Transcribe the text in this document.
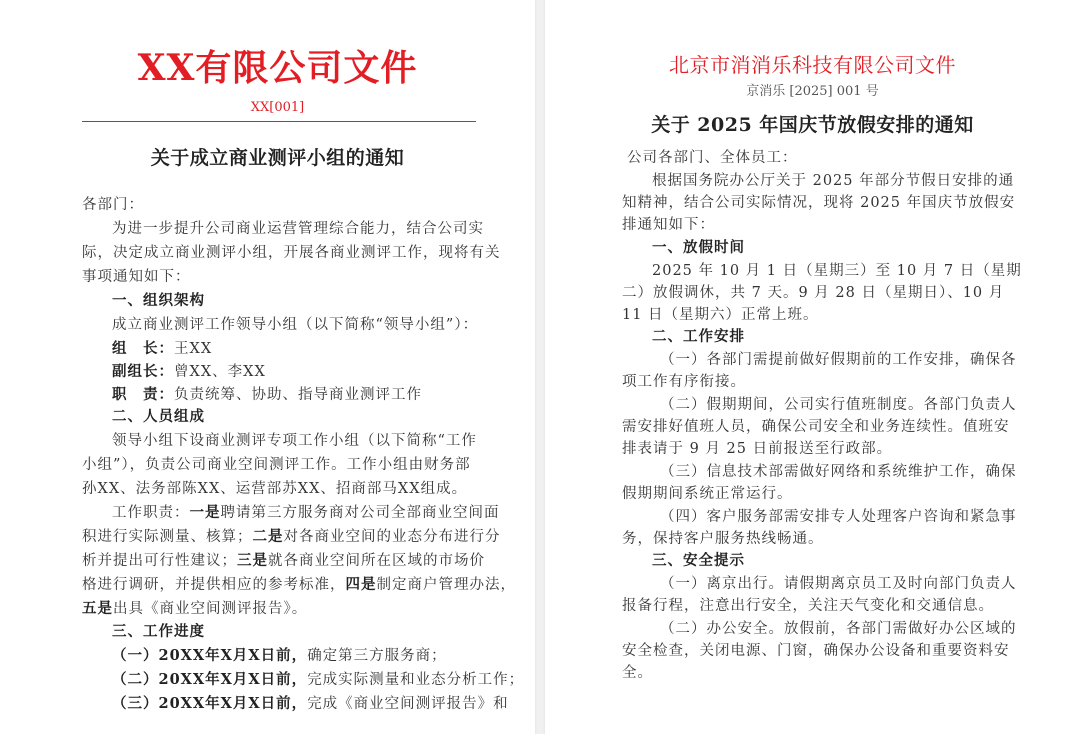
XX有限公司文件
XX[001]
关于成立商业测评小组的通知
各部门：
为进一步提升公司商业运营管理综合能力，结合公司实
际，决定成立商业测评小组，开展各商业测评工作，现将有关
事项通知如下：
一、组织架构
成立商业测评工作领导小组（以下简称“领导小组”）：
组　长：王XX
副组长：曾XX、李XX
职　责：负责统筹、协助、指导商业测评工作
二、人员组成
领导小组下设商业测评专项工作小组（以下简称“工作
小组”），负责公司商业空间测评工作。工作小组由财务部
孙XX、法务部陈XX、运营部苏XX、招商部马XX组成。
工作职责：一是聘请第三方服务商对公司全部商业空间面
积进行实际测量、核算；二是对各商业空间的业态分布进行分
析并提出可行性建议；三是就各商业空间所在区域的市场价
格进行调研，并提供相应的参考标准，四是制定商户管理办法，
五是出具《商业空间测评报告》。
三、工作进度
（一）20XX年X月X日前，确定第三方服务商；
（二）20XX年X月X日前，完成实际测量和业态分析工作；
（三）20XX年X月X日前，完成《商业空间测评报告》和
北京市消消乐科技有限公司文件
京消乐 [2025] 001 号
关于 2025 年国庆节放假安排的通知
公司各部门、全体员工：
根据国务院办公厅关于 2025 年部分节假日安排的通
知精神，结合公司实际情况，现将 2025 年国庆节放假安
排通知如下：
一、放假时间
2025 年 10 月 1 日（星期三）至 10 月 7 日（星期
二）放假调休，共 7 天。9 月 28 日（星期日）、10 月
11 日（星期六）正常上班。
二、工作安排
（一）各部门需提前做好假期前的工作安排，确保各
项工作有序衔接。
（二）假期期间，公司实行值班制度。各部门负责人
需安排好值班人员，确保公司安全和业务连续性。值班安
排表请于 9 月 25 日前报送至行政部。
（三）信息技术部需做好网络和系统维护工作，确保
假期期间系统正常运行。
（四）客户服务部需安排专人处理客户咨询和紧急事
务，保持客户服务热线畅通。
三、安全提示
（一）离京出行。请假期离京员工及时向部门负责人
报备行程，注意出行安全，关注天气变化和交通信息。
（二）办公安全。放假前，各部门需做好办公区域的
安全检查，关闭电源、门窗，确保办公设备和重要资料安
全。
